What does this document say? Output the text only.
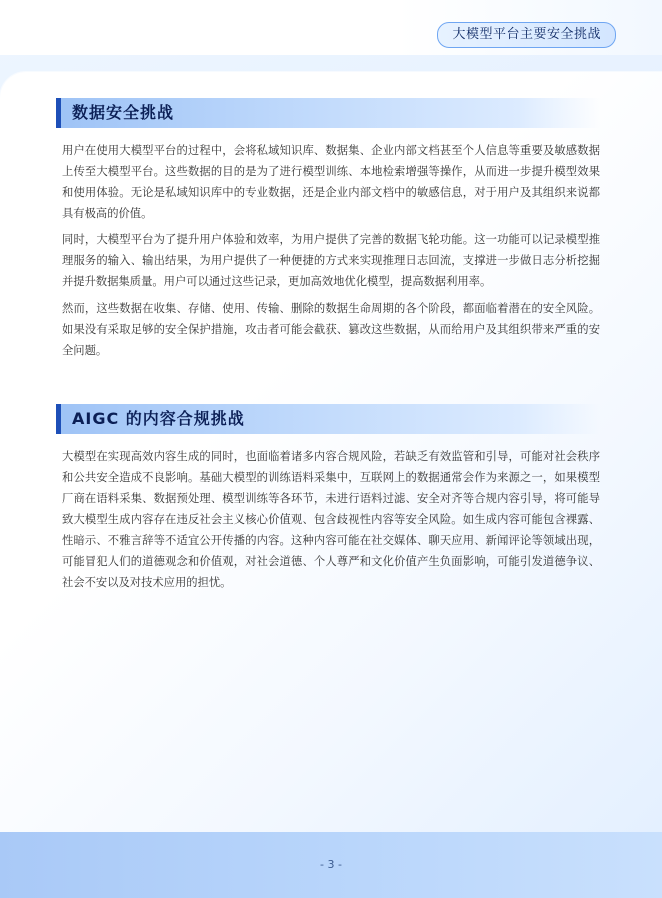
大模型平台主要安全挑战
数据安全挑战

用户在使用大模型平台的过程中，会将私域知识库、数据集、企业内部文档甚至个人信息等重要及敏感数据上传至大模型平台。这些数据的目的是为了进行模型训练、本地检索增强等操作，从而进一步提升模型效果和使用体验。无论是私域知识库中的专业数据，还是企业内部文档中的敏感信息，对于用户及其组织来说都具有极高的价值。

同时，大模型平台为了提升用户体验和效率，为用户提供了完善的数据飞轮功能。这一功能可以记录模型推理服务的输入、输出结果，为用户提供了一种便捷的方式来实现推理日志回流，支撑进一步做日志分析挖掘并提升数据集质量。用户可以通过这些记录，更加高效地优化模型，提高数据利用率。

然而，这些数据在收集、存储、使用、传输、删除的数据生命周期的各个阶段，都面临着潜在的安全风险。如果没有采取足够的安全保护措施，攻击者可能会截获、篡改这些数据，从而给用户及其组织带来严重的安全问题。

AIGC 的内容合规挑战

大模型在实现高效内容生成的同时，也面临着诸多内容合规风险，若缺乏有效监管和引导，可能对社会秩序和公共安全造成不良影响。基础大模型的训练语料采集中，互联网上的数据通常会作为来源之一，如果模型厂商在语料采集、数据预处理、模型训练等各环节，未进行语料过滤、安全对齐等合规内容引导，将可能导致大模型生成内容存在违反社会主义核心价值观、包含歧视性内容等安全风险。如生成内容可能包含裸露、性暗示、不雅言辞等不适宜公开传播的内容。这种内容可能在社交媒体、聊天应用、新闻评论等领域出现，可能冒犯人们的道德观念和价值观，对社会道德、个人尊严和文化价值产生负面影响，可能引发道德争议、社会不安以及对技术应用的担忧。

- 3 -
